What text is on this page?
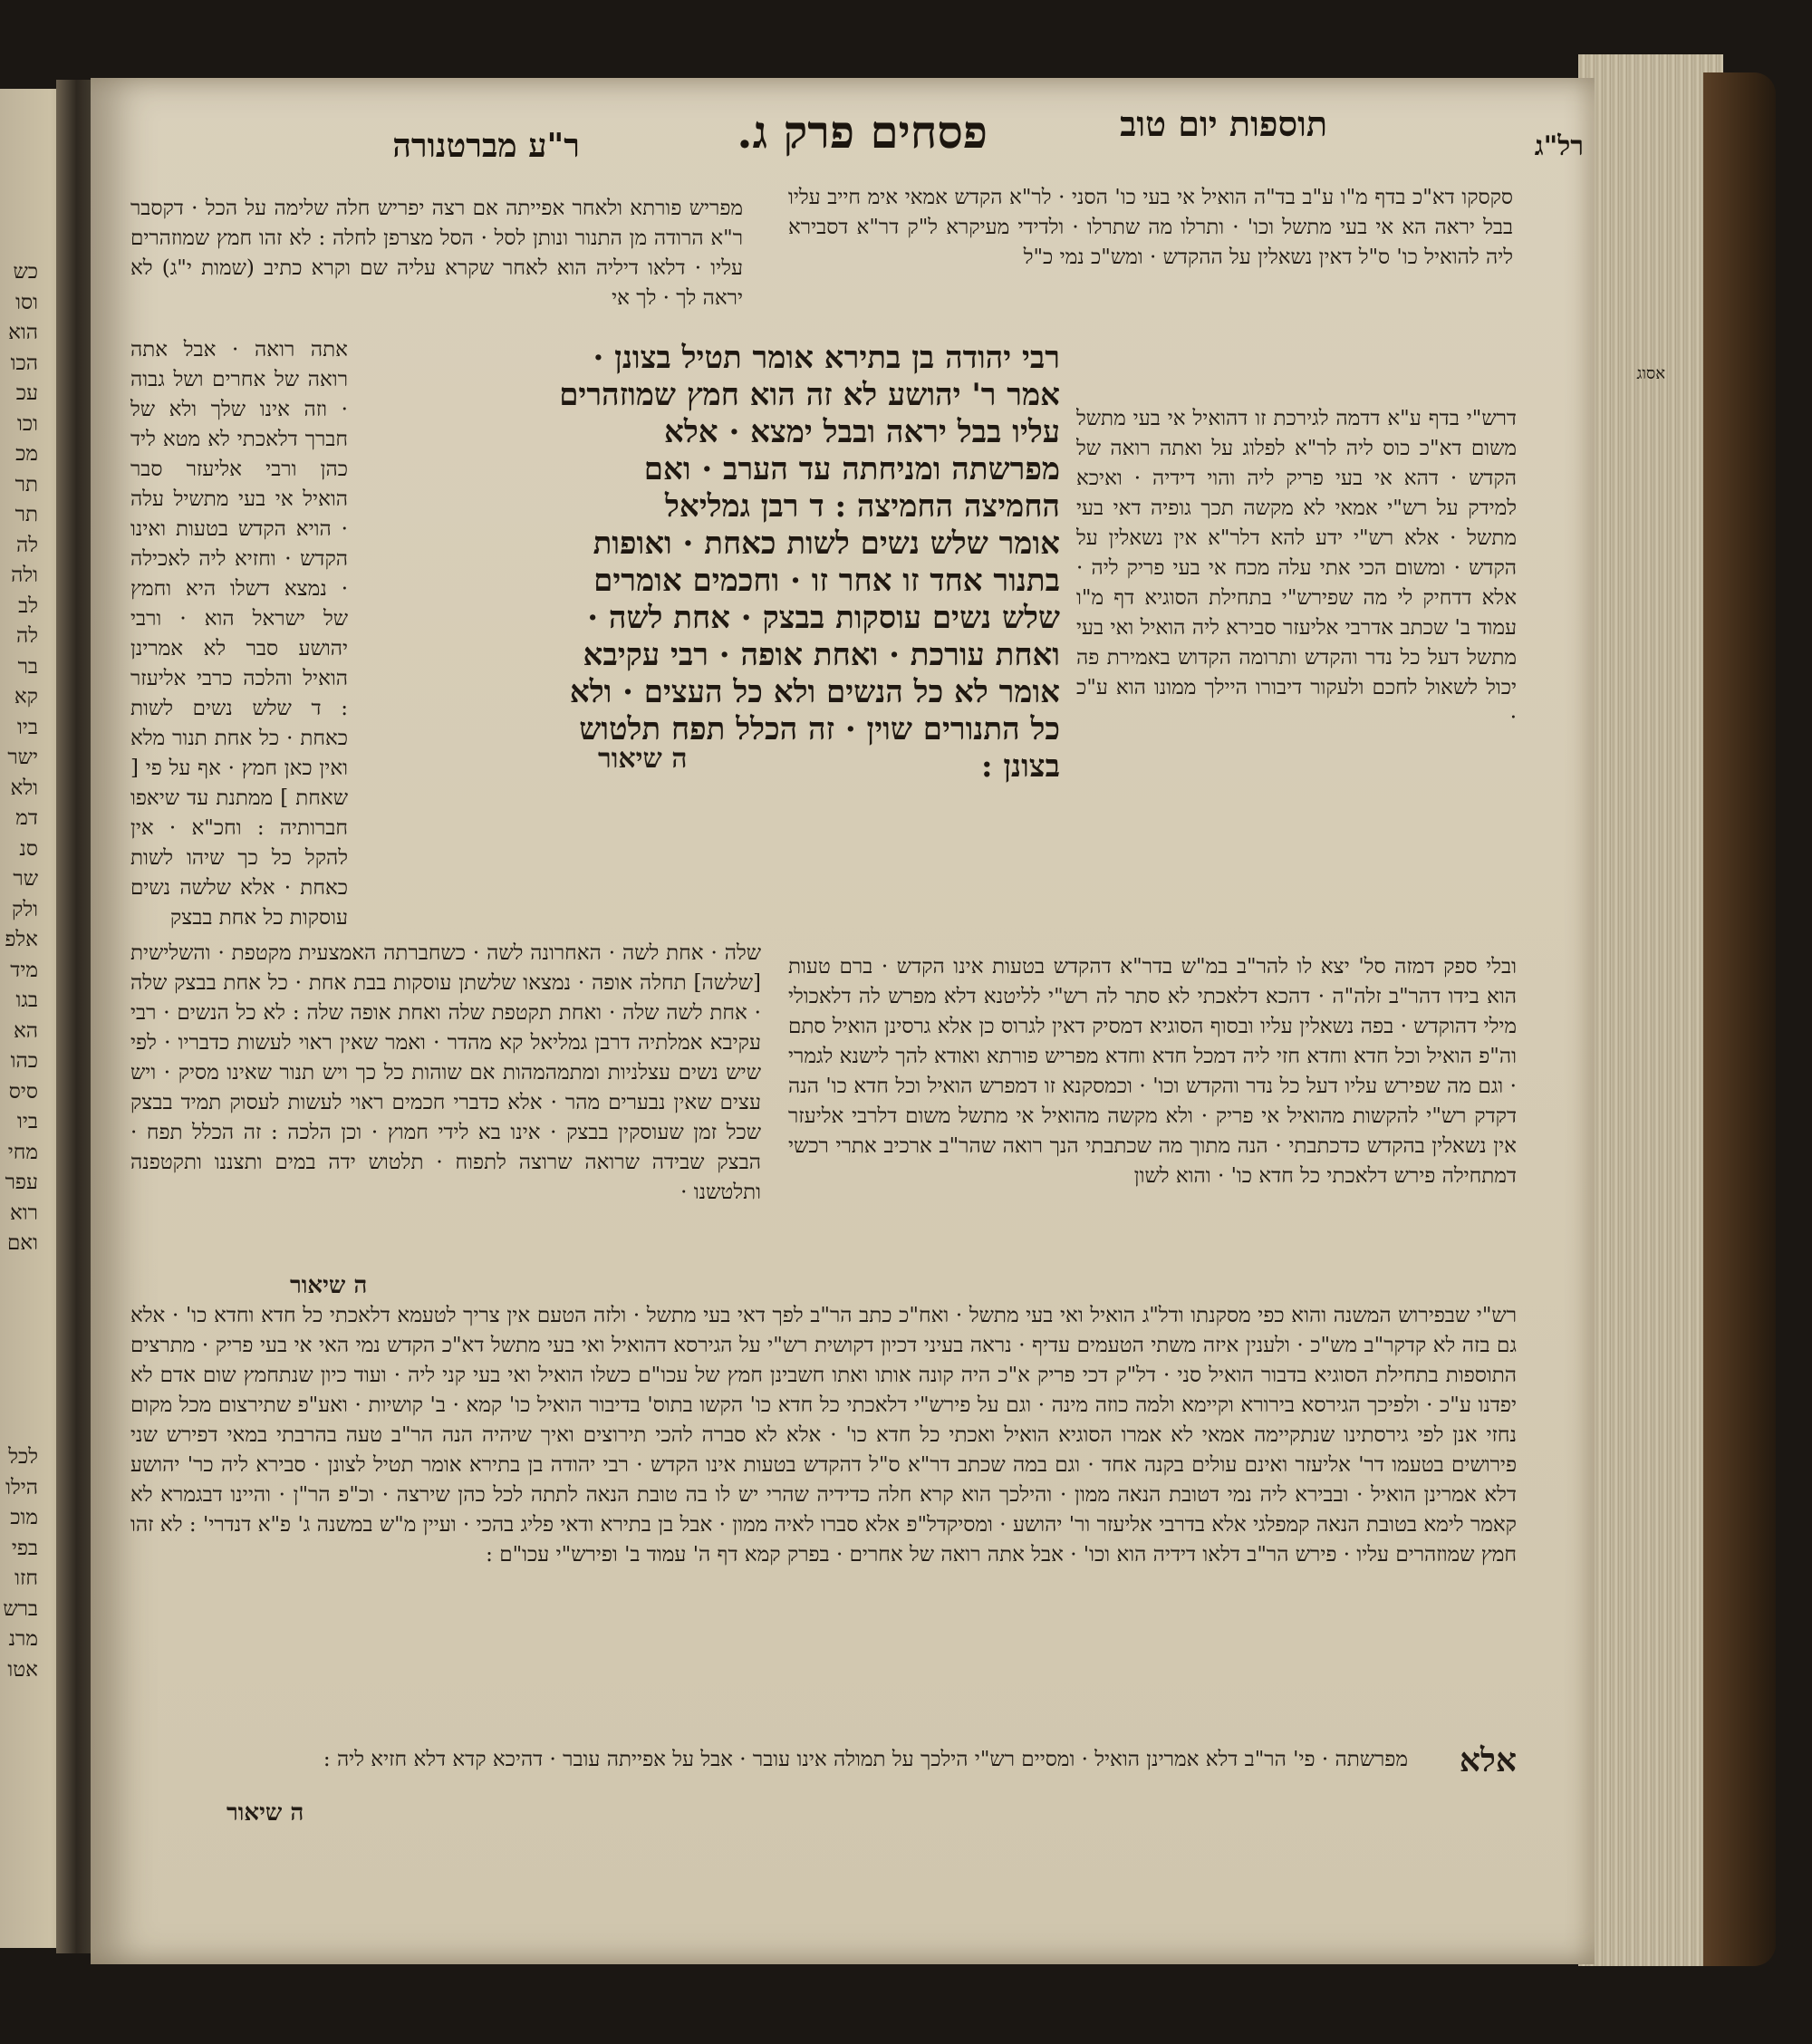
כש
וסו
הוא
הכו
עכ
וכו
מכ
תר
תר
לה
ולה
לב
לה
בר
קא
ביו
ישר
ולא
דמ
סנ
שר
ולק
אלפ
מיד
בגו
הא
כהו
סיס
ביו
מחי
עפר
רוא
ואם
לכל
הילו
מוכ
בפי
חזו
ברש
מרנ
אטו
רל"ג
תוספות יום טוב
פסחים פרק ג.
ר"ע מברטנורה
אסוג

מפריש פורתא ולאחר אפייתה אם רצה יפריש חלה שלימה על הכל · דקסבר ר"א הרודה מן התנור ונותן לסל · הסל מצרפן לחלה : לא זהו חמץ שמוזהרים עליו · דלאו דיליה הוא לאחר שקרא עליה שם וקרא כתיב (שמות י"ג) לא יראה לך · לך אי

אתה רואה · אבל אתה רואה של אחרים ושל גבוה · וזה אינו שלך ולא של חברך דלאכתי לא מטא ליד כהן ורבי אליעזר סבר הואיל אי בעי מתשיל עלה · הויא הקדש בטעות ואינו הקדש · וחזיא ליה לאכילה · נמצא דשלו היא וחמץ של ישראל הוא · ורבי יהושע סבר לא אמרינן הואיל והלכה כרבי אליעזר : ד שלש נשים לשות כאחת · כל אחת תנור מלא ואין כאן חמץ · אף על פי [ שאחת ] ממתנת עד שיאפו חברותיה : וחכ"א · אין להקל כל כך שיהו לשות כאחת · אלא שלשה נשים עוסקות כל אחת בבצק

שלה · אחת לשה · האחרונה לשה · כשחברתה האמצעית מקטפת · והשלישית [שלשה] תחלה אופה · נמצאו שלשתן עוסקות בבת אחת · כל אחת בבצק שלה · אחת לשה שלה · ואחת תקטפת שלה ואחת אופה שלה : לא כל הנשים · רבי עקיבא אמלתיה דרבן גמליאל קא מהדר · ואמר שאין ראוי לעשות כדבריו · לפי שיש נשים עצלניות ומתמהמהות אם שוהות כל כך ויש תנור שאינו מסיק · ויש עצים שאין נבערים מהר · אלא כדברי חכמים ראוי לעשות לעסוק תמיד בבצק שכל זמן שעוסקין בבצק · אינו בא לידי חמוץ · וכן הלכה : זה הכלל תפח · הבצק שבידה שרואה שרוצה לתפוח · תלטוש ידה במים ותצננו ותקטפנה ותלטשנו ·

ה שיאור
רבי יהודה בן בתירא אומר תטיל בצונן ·
אמר ר' יהושע לא זה הוא חמץ שמוזהרים
עליו בבל יראה ובבל ימצא · אלא
מפרשתה ומניחתה עד הערב · ואם
החמיצה החמיצה : ד רבן גמליאל
אומר שלש נשים לשות כאחת · ואופות
בתנור אחד זו אחר זו · וחכמים אומרים
שלש נשים עוסקות בבצק · אחת לשה ·
ואחת עורכת · ואחת אופה · רבי עקיבא
אומר לא כל הנשים ולא כל העצים · ולא
כל התנורים שוין · זה הכלל תפח תלטוש
בצונן :
ה שיאור

סקסקו דא"כ בדף מ"ו ע"ב בד"ה הואיל אי בעי כו' הסני · לר"א הקדש אמאי אימ חייב עליו בבל יראה הא אי בעי מתשל וכו' · ותרלו מה שתרלו · ולדידי מעיקרא ל"ק דר"א דסבירא ליה להואיל כו' ס"ל דאין נשאלין על ההקדש · ומש"כ נמי כ"ל

דרש"י בדף ע"א דדמה לגירכת זו דהואיל אי בעי מתשל משום דא"כ כוס ליה לר"א לפלוג על ואתה רואה של הקדש · דהא אי בעי פריק ליה והוי דידיה · ואיכא למידק על רש"י אמאי לא מקשה תכך גופיה דאי בעי מתשל · אלא רש"י ידע להא דלר"א אין נשאלין על הקדש · ומשום הכי אתי עלה מכח אי בעי פריק ליה · אלא דדחיק לי מה שפירש"י בתחילת הסוגיא דף מ"ו עמוד ב' שכתב אדרבי אליעזר סבירא ליה הואיל ואי בעי מתשל דעל כל נדר והקדש ותרומה הקדוש באמירת פה יכול לשאול לחכם ולעקור דיבורו היילך ממונו הוא ע"כ ·

ובלי ספק דמזה סל' יצא לו להר"ב במ"ש בדר"א דהקדש בטעות אינו הקדש · ברם טעות הוא בידו דהר"ב זלה"ה · דהכא דלאכתי לא סתר לה רש"י לליטנא דלא מפרש לה דלאכולי מילי דהוקדש · בפה נשאלין עליו ובסוף הסוגיא דמסיק דאין לגרוס כן אלא גרסינן הואיל סתם וה"פ הואיל וכל חדא וחדא חזי ליה דמכל חדא וחדא מפריש פורתא ואודא להך לישנא לגמרי · וגם מה שפירש עליו דעל כל נדר והקדש וכו' · וכמסקנא זו דמפרש הואיל וכל חדא כו' הנה דקדק רש"י להקשות מהואיל אי פריק · ולא מקשה מהואיל אי מתשל משום דלרבי אליעזר אין נשאלין בהקדש כדכתבתי · הנה מתוך מה שכתבתי הנך רואה שהר"ב ארכיב אתרי רכשי דמתחילה פירש דלאכתי כל חדא כו' · והוא לשון

רש"י שבפירוש המשנה והוא כפי מסקנתו ודל"ג הואיל ואי בעי מתשל · ואח"כ כתב הר"ב לפך דאי בעי מתשל · ולזה הטעם אין צריך לטעמא דלאכתי כל חדא וחדא כו' · אלא גם בזה לא קדקר"ב מש"כ · ולענין איזה משתי הטעמים עדיף · נראה בעיני דכיון דקושית רש"י על הגירסא דהואיל ואי בעי מתשל דא"כ הקדש נמי האי אי בעי פריק · מתרצים התוספות בתחילת הסוגיא בדבור הואיל סני · דל"ק דכי פריק א"כ היה קונה אותו ואתו חשבינן חמץ של עכו"ם כשלו הואיל ואי בעי קני ליה · ועוד כיון שנתחמץ שום אדם לא יפדנו ע"כ · ולפיכך הגירסא בירורא וקיימא ולמה כוזה מינה · וגם על פירש"י דלאכתי כל חדא כו' הקשו בתוס' בדיבור הואיל כו' קמא · ב' קושיות · ואע"פ שתירצום מכל מקום נחזי אנן לפי גירסתינו שנתקיימה אמאי לא אמרו הסוגיא הואיל ואכתי כל חדא כו' · אלא לא סברה להכי תירוצים ואיך שיהיה הנה הר"ב טעה בהרבתי במאי דפירש שני פירושים בטעמו דר' אליעזר ואינם עולים בקנה אחד · וגם במה שכתב דר"א ס"ל דהקדש בטעות אינו הקדש · רבי יהודה בן בתירא אומר תטיל לצונן · סבירא ליה כר' יהושע דלא אמרינן הואיל · ובבירא ליה נמי דטובת הנאה ממון · והילכך הוא קרא חלה כדידיה שהרי יש לו בה טובת הנאה לתתה לכל כהן שירצה · וכ"פ הר"ן · והיינו דבגמרא לא קאמר לימא בטובת הנאה קמפלגי אלא בדרבי אליעזר ור' יהושע · ומסיקדל"פ אלא סברו לאיה ממון · אבל בן בתירא ודאי פליג בהכי · ועיין מ"ש במשנה ג' פ"א דנדרי' : לא זהו חמץ שמוזהרים עליו · פירש הר"ב דלאו דידיה הוא וכו' · אבל אתה רואה של אחרים · בפרק קמא דף ה' עמוד ב' ופירש"י עכו"ם :

אלא

מפרשתה · פי' הר"ב דלא אמרינן הואיל · ומסיים רש"י הילכך על תמולה אינו עובר · אבל על אפייתה עובר · דהיכא קדא דלא חזיא ליה :

ה שיאור
